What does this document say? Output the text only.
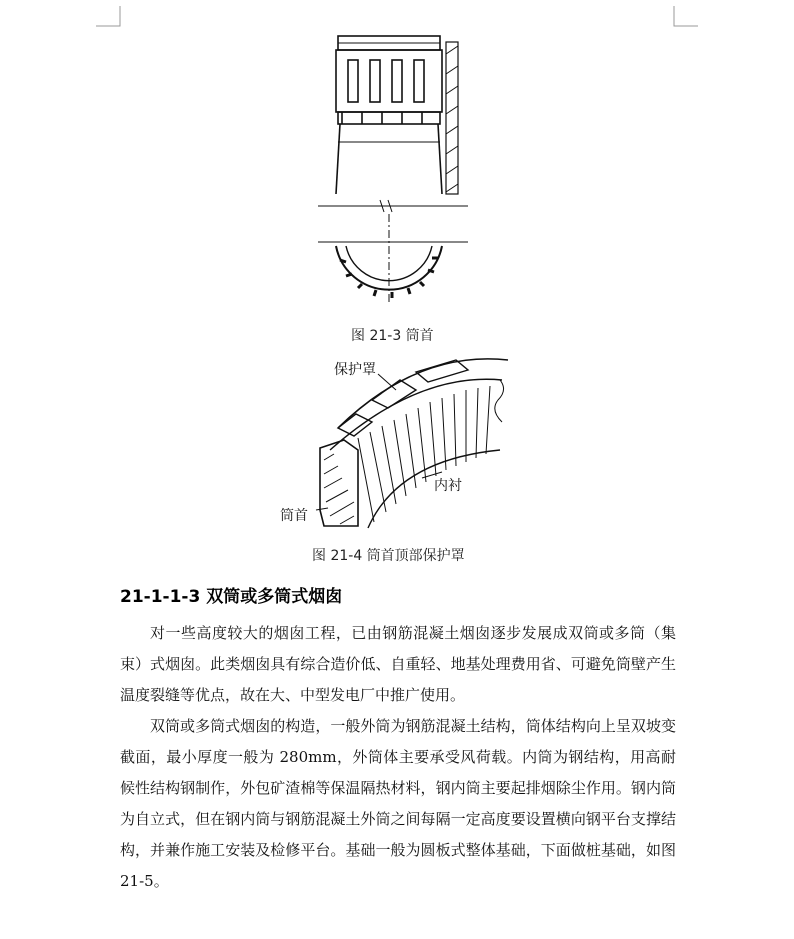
图 21-3 筒首
保护罩
内衬
筒首
图 21-4 筒首顶部保护罩
21-1-1-3 双筒或多筒式烟囱

对一些高度较大的烟囱工程，已由钢筋混凝土烟囱逐步发展成双筒或多筒（集束）式烟囱。此类烟囱具有综合造价低、自重轻、地基处理费用省、可避免筒壁产生温度裂缝等优点，故在大、中型发电厂中推广使用。

双筒或多筒式烟囱的构造，一般外筒为钢筋混凝土结构，筒体结构向上呈双坡变截面，最小厚度一般为 280mm，外筒体主要承受风荷载。内筒为钢结构，用高耐候性结构钢制作，外包矿渣棉等保温隔热材料，钢内筒主要起排烟除尘作用。钢内筒为自立式，但在钢内筒与钢筋混凝土外筒之间每隔一定高度要设置横向钢平台支撑结构，并兼作施工安装及检修平台。基础一般为圆板式整体基础，下面做桩基础，如图 21-5。
